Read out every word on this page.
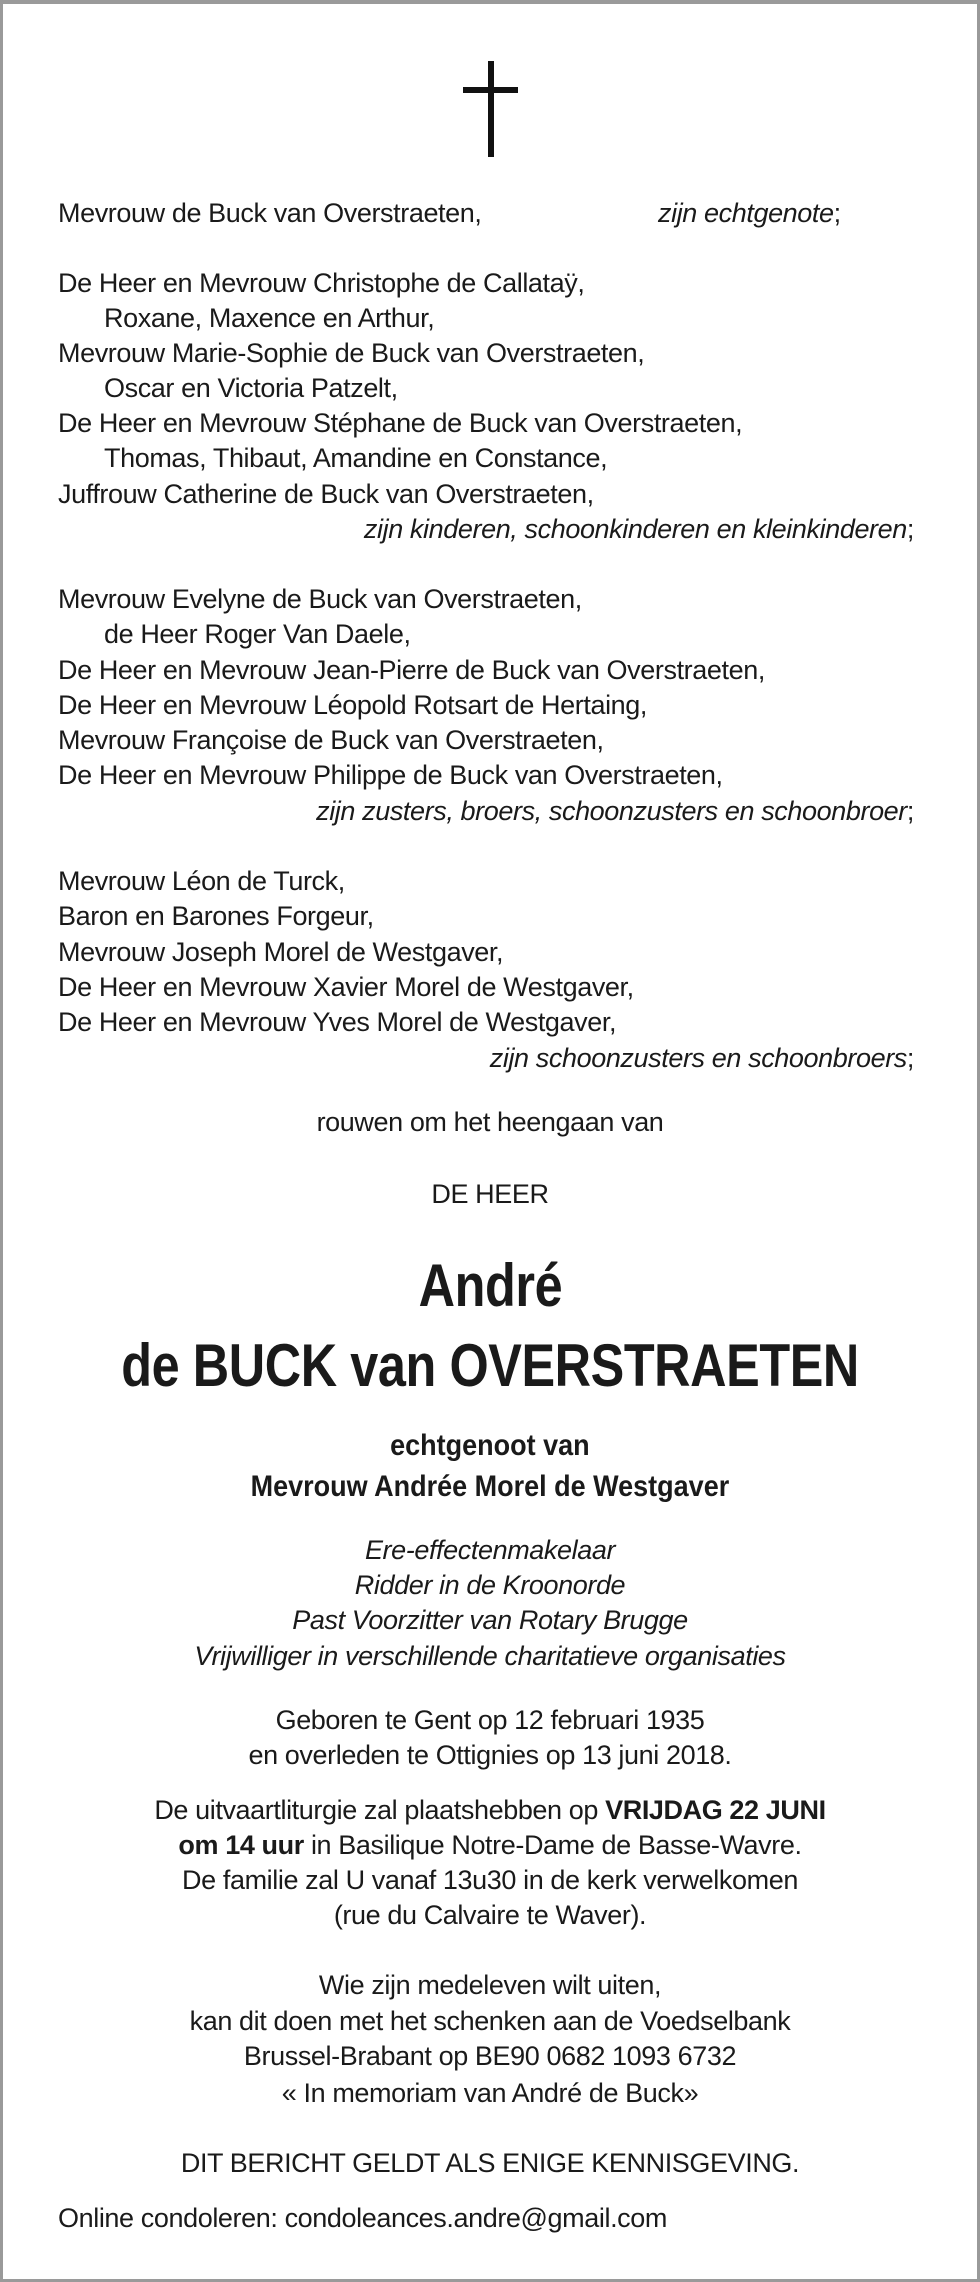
Mevrouw de Buck van Overstraeten,	zijn echtgenote;
De Heer en Mevrouw Christophe de Callataÿ,
Roxane, Maxence en Arthur,
Mevrouw Marie-Sophie de Buck van Overstraeten,
Oscar en Victoria Patzelt,
De Heer en Mevrouw Stéphane de Buck van Overstraeten,
Thomas, Thibaut, Amandine en Constance,
Juffrouw Catherine de Buck van Overstraeten,
zijn kinderen, schoonkinderen en kleinkinderen;
Mevrouw Evelyne de Buck van Overstraeten,
de Heer Roger Van Daele,
De Heer en Mevrouw Jean-Pierre de Buck van Overstraeten,
De Heer en Mevrouw Léopold Rotsart de Hertaing,
Mevrouw Françoise de Buck van Overstraeten,
De Heer en Mevrouw Philippe de Buck van Overstraeten,
zijn zusters, broers, schoonzusters en schoonbroer;
Mevrouw Léon de Turck,
Baron en Barones Forgeur,
Mevrouw Joseph Morel de Westgaver,
De Heer en Mevrouw Xavier Morel de Westgaver,
De Heer en Mevrouw Yves Morel de Westgaver,
zijn schoonzusters en schoonbroers;
rouwen om het heengaan van
DE HEER
André
de BUCK van OVERSTRAETEN
echtgenoot van
Mevrouw Andrée Morel de Westgaver
Ere-effectenmakelaar
Ridder in de Kroonorde
Past Voorzitter van Rotary Brugge
Vrijwilliger in verschillende charitatieve organisaties
Geboren te Gent op 12 februari 1935
en overleden te Ottignies op 13 juni 2018.
De uitvaartliturgie zal plaatshebben op VRIJDAG 22 JUNI
om 14 uur in Basilique Notre-Dame de Basse-Wavre.
De familie zal U vanaf 13u30 in de kerk verwelkomen
(rue du Calvaire te Waver).
Wie zijn medeleven wilt uiten,
kan dit doen met het schenken aan de Voedselbank
Brussel-Brabant op BE90 0682 1093 6732
« In memoriam van André de Buck»
DIT BERICHT GELDT ALS ENIGE KENNISGEVING.
Online condoleren: condoleances.andre@gmail.com
